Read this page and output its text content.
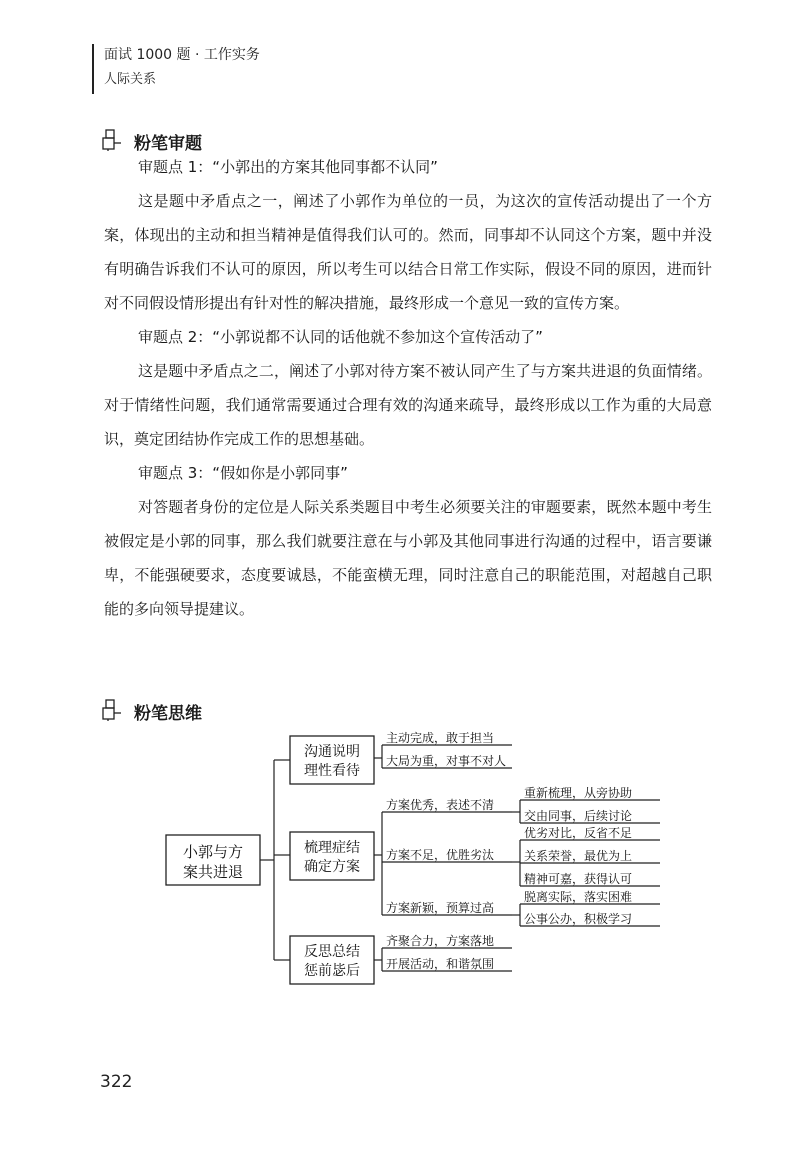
面试 1000 题 · 工作实务
人际关系
粉笔审题
审题点 1：“小郭出的方案其他同事都不认同”

这是题中矛盾点之一，阐述了小郭作为单位的一员，为这次的宣传活动提出了一个方案，体现出的主动和担当精神是值得我们认可的。然而，同事却不认同这个方案，题中并没有明确告诉我们不认可的原因，所以考生可以结合日常工作实际，假设不同的原因，进而针对不同假设情形提出有针对性的解决措施，最终形成一个意见一致的宣传方案。

审题点 2：“小郭说都不认同的话他就不参加这个宣传活动了”

这是题中矛盾点之二，阐述了小郭对待方案不被认同产生了与方案共进退的负面情绪。对于情绪性问题，我们通常需要通过合理有效的沟通来疏导，最终形成以工作为重的大局意识，奠定团结协作完成工作的思想基础。

审题点 3：“假如你是小郭同事”

对答题者身份的定位是人际关系类题目中考生必须要关注的审题要素，既然本题中考生被假定是小郭的同事，那么我们就要注意在与小郭及其他同事进行沟通的过程中，语言要谦卑，不能强硬要求，态度要诚恳，不能蛮横无理，同时注意自己的职能范围，对超越自己职能的多向领导提建议。

粉笔思维
小郭与方
案共进退
沟通说明
理性看待
梳理症结
确定方案
反思总结
惩前毖后
主动完成，敢于担当
大局为重，对事不对人
方案优秀，表述不清
方案不足，优胜劣汰
方案新颖，预算过高
重新梳理，从旁协助
交由同事，后续讨论
优劣对比，反省不足
关系荣誉，最优为上
精神可嘉，获得认可
脱离实际，落实困难
公事公办，积极学习
齐聚合力，方案落地
开展活动，和谐氛围
322
